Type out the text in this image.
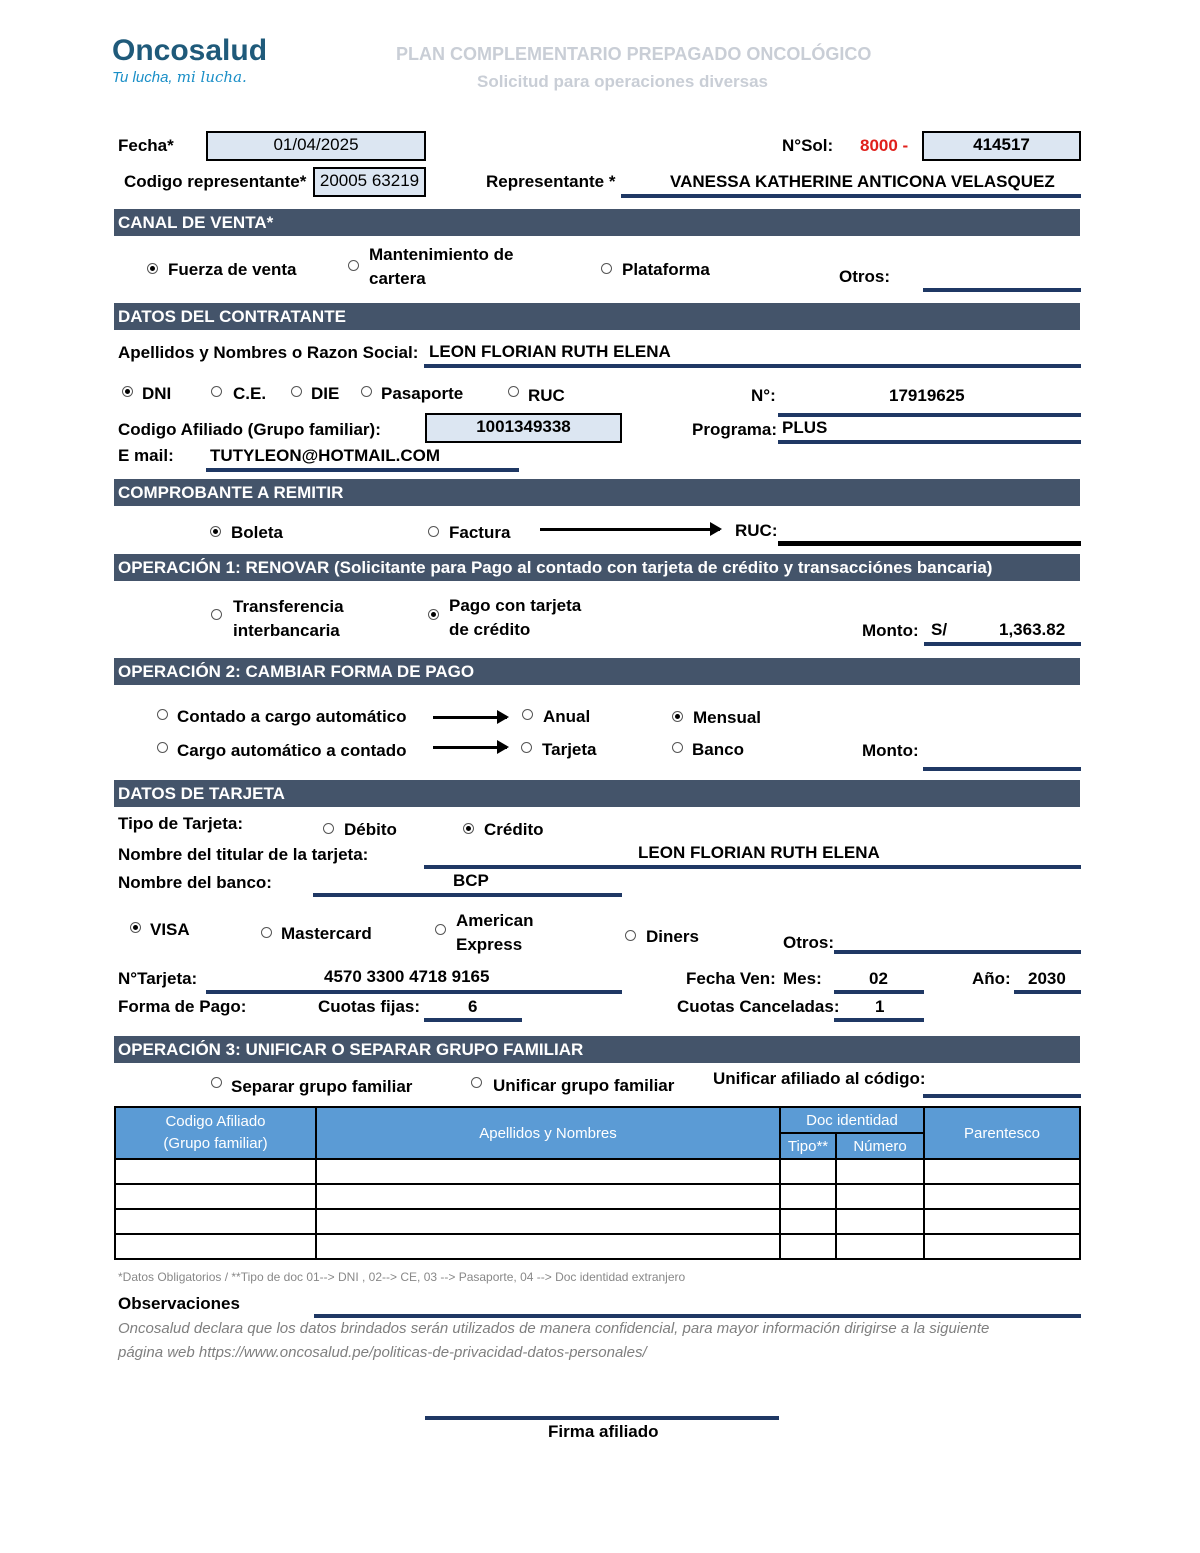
Oncosalud
Tu lucha, mi lucha.
PLAN COMPLEMENTARIO PREPAGADO ONCOLÓGICO
Solicitud para operaciones diversas
Fecha*	01/04/2025	N°Sol: 8000 -	414517
Codigo representante* 20005 63219	Representante *	VANESSA KATHERINE ANTICONA VELASQUEZ
CANAL DE VENTA*
Fuerza de venta
Mantenimiento de
cartera	Plataforma	Otros:
DATOS DEL CONTRATANTE
Apellidos y Nombres o Razon Social: LEON FLORIAN RUTH ELENA
DNI	C.E.	DIE Pasaporte	RUC	N°:	17919625
Codigo Afiliado (Grupo familiar):	1001349338	Programa: PLUS
E mail: TUTYLEON@HOTMAIL.COM
COMPROBANTE A REMITIR
Boleta	Factura	RUC:
OPERACIÓN 1: RENOVAR (Solicitante para Pago al contado con tarjeta de crédito y transacciónes bancaria)
Transferencia
interbancaria
Pago con tarjeta
de crédito	Monto: S/	1,363.82
OPERACIÓN 2: CAMBIAR FORMA DE PAGO
Contado a cargo automático	Anual	Mensual
Cargo automático a contado	Tarjeta	Banco	Monto:
DATOS DE TARJETA
Tipo de Tarjeta:	Débito	Crédito
Nombre del titular de la tarjeta:	LEON FLORIAN RUTH ELENA
Nombre del banco:	BCP
VISA	Mastercard
American
Express	Diners	Otros:
N°Tarjeta:	4570 3300 4718 9165	Fecha Ven: Mes:	02	Año: 2030
Forma de Pago:	Cuotas fijas:	6	Cuotas Canceladas: 1
OPERACIÓN 3: UNIFICAR O SEPARAR GRUPO FAMILIAR
Separar grupo familiar	Unificar grupo familiar Unificar afiliado al código:
Codigo Afiliado
(Grupo familiar)	Apellidos y Nombres	Doc identidad		Parentesco
		Tipo**	Número	

*Datos Obligatorios / **Tipo de doc 01--> DNI , 02--> CE, 03 --> Pasaporte, 04 --> Doc identidad extranjero
Observaciones
Oncosalud declara que los datos brindados serán utilizados de manera confidencial, para mayor información dirigirse a la siguiente
página web https://www.oncosalud.pe/politicas-de-privacidad-datos-personales/
Firma afiliado
